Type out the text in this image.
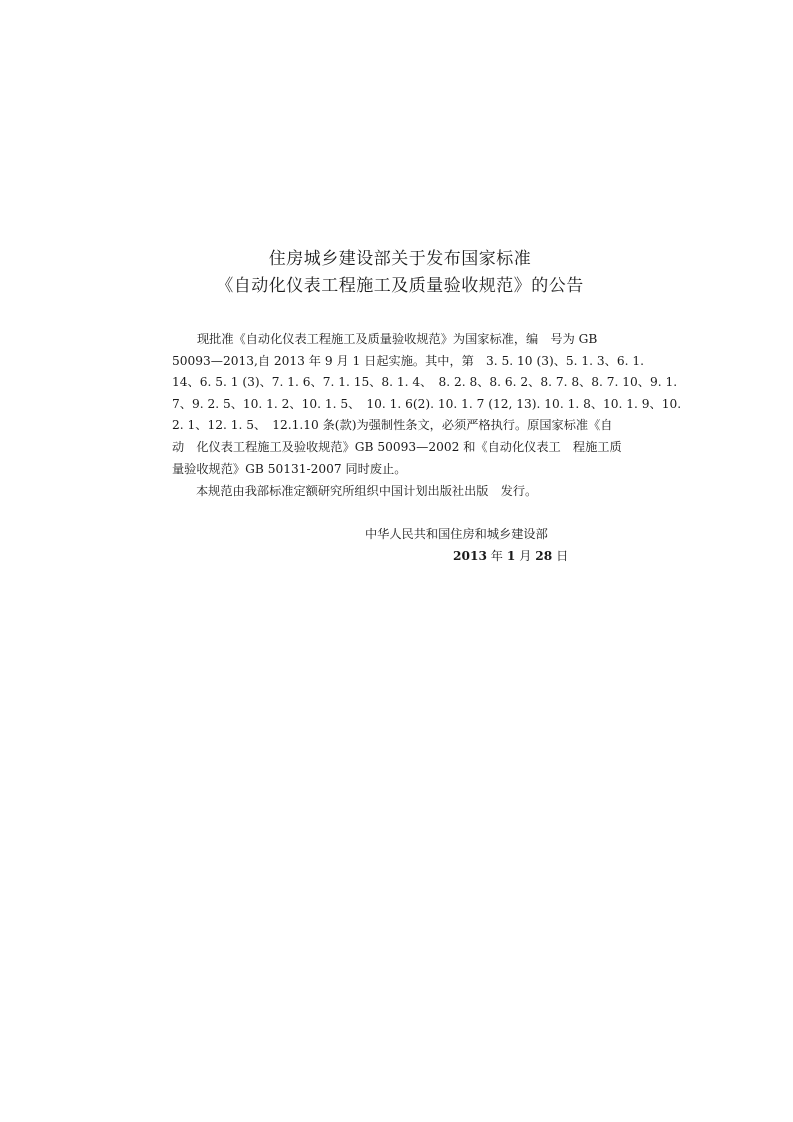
住房城乡建设部关于发布国家标准
《自动化仪表工程施工及质量验收规范》的公告
现批准《自动化仪表工程施工及质量验收规范》为国家标准，编　号为 GB
50093—2013,自 2013 年 9 月 1 日起实施。其中，第　3. 5. 10 (3)、5. 1. 3、6. 1.
14、6. 5. 1 (3)、7. 1. 6、7. 1. 15、8. 1. 4、　8. 2. 8、8. 6. 2、8. 7. 8、8. 7. 10、9. 1.
7、9. 2. 5、10. 1. 2、10. 1. 5、　10. 1. 6(2). 10. 1. 7 (12, 13). 10. 1. 8、10. 1. 9、10.
2. 1、12. 1. 5、　12.1.10 条(款)为强制性条文，必须严格执行。原国家标准《自
动　化仪表工程施工及验收规范》GB 50093—2002 和《自动化仪表工　程施工质
量验收规范》GB 50131-2007 同时废止。
本规范由我部标准定额研究所组织中国计划出版社出版　发行。
中华人民共和国住房和城乡建设部
2013 年 1 月 28 日
